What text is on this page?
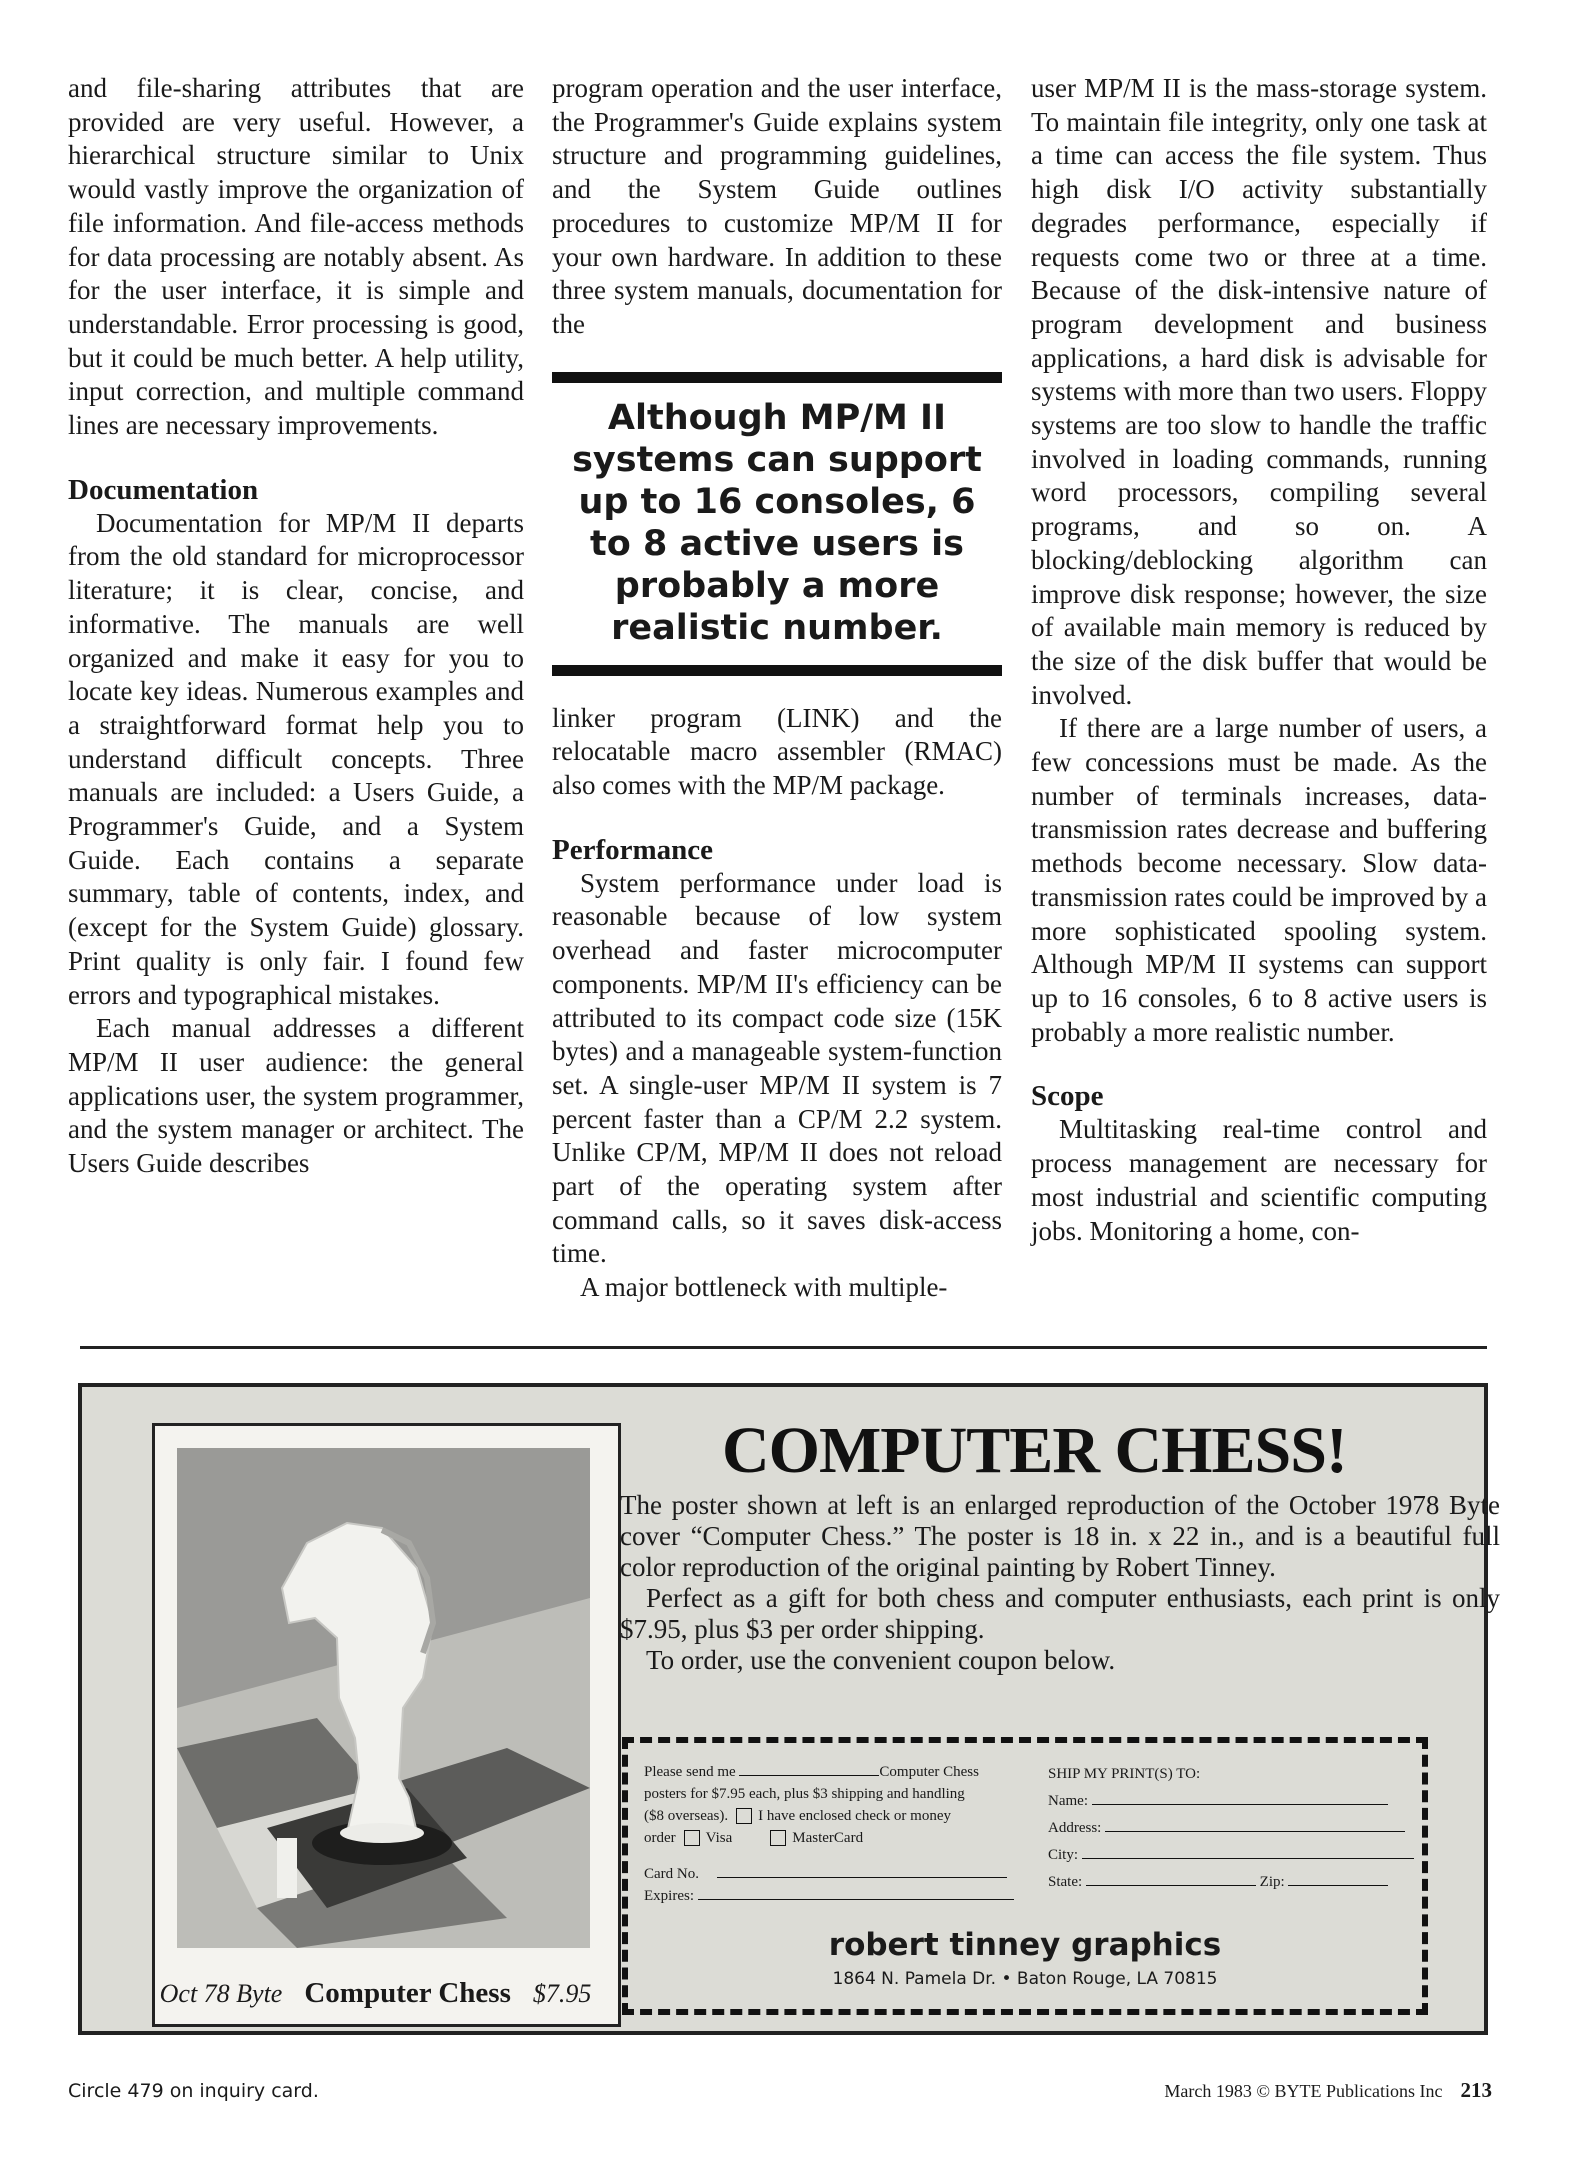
and file-sharing attributes that are provided are very useful. However, a hierarchical structure similar to Unix would vastly improve the organization of file information. And file-access methods for data processing are notably absent. As for the user interface, it is simple and understandable. Error processing is good, but it could be much better. A help utility, input correction, and multiple command lines are necessary improvements.

Documentation

Documentation for MP/M II departs from the old standard for microprocessor literature; it is clear, concise, and informative. The manuals are well organized and make it easy for you to locate key ideas. Numerous examples and a straightforward format help you to understand difficult concepts. Three manuals are included: a Users Guide, a Programmer's Guide, and a System Guide. Each contains a separate summary, table of contents, index, and (except for the System Guide) glossary. Print quality is only fair. I found few errors and typographical mistakes.

Each manual addresses a different MP/M II user audience: the general applications user, the system programmer, and the system manager or architect. The Users Guide describes

program operation and the user interface, the Programmer's Guide explains system structure and programming guidelines, and the System Guide outlines procedures to customize MP/M II for your own hardware. In addition to these three system manuals, documentation for the

Although MP/M II systems can support up to 16 consoles, 6 to 8 active users is probably a more realistic number.

linker program (LINK) and the relocatable macro assembler (RMAC) also comes with the MP/M package.

Performance

System performance under load is reasonable because of low system overhead and faster microcomputer components. MP/M II's efficiency can be attributed to its compact code size (15K bytes) and a manageable system-function set. A single-user MP/M II system is 7 percent faster than a CP/M 2.2 system. Unlike CP/M, MP/M II does not reload part of the operating system after command calls, so it saves disk-access time.

A major bottleneck with multiple-

user MP/M II is the mass-storage system. To maintain file integrity, only one task at a time can access the file system. Thus high disk I/O activity substantially degrades performance, especially if requests come two or three at a time. Because of the disk-intensive nature of program development and business applications, a hard disk is advisable for systems with more than two users. Floppy systems are too slow to handle the traffic involved in loading commands, running word processors, compiling several programs, and so on. A blocking/deblocking algorithm can improve disk response; however, the size of available main memory is reduced by the size of the disk buffer that would be involved.

If there are a large number of users, a few concessions must be made. As the number of terminals increases, data-transmission rates decrease and buffering methods become necessary. Slow data-transmission rates could be improved by a more sophisticated spooling system. Although MP/M II systems can support up to 16 consoles, 6 to 8 active users is probably a more realistic number.

Scope

Multitasking real-time control and process management are necessary for most industrial and scientific computing jobs. Monitoring a home, con-

Oct 78 Byte Computer Chess $7.95
COMPUTER CHESS!

The poster shown at left is an enlarged reproduction of the October 1978 Byte cover “Computer Chess.” The poster is 18 in. x 22 in., and is a beautiful full color reproduction of the original painting by Robert Tinney.

Perfect as a gift for both chess and computer enthusiasts, each print is only $7.95, plus $3 per order shipping.

To order, use the convenient coupon below.

Please send me	Computer Chess
posters for $7.95 each, plus $3 shipping and handling
($8 overseas). I have enclosed check or money
order Visa	MasterCard
Card No.
Expires:
SHIP MY PRINT(S) TO:
Name:
Address:
City:
State:	Zip:
robert tinney graphics
1864 N. Pamela Dr. • Baton Rouge, LA 70815
Circle 479 on inquiry card.	March 1983 © BYTE Publications Inc 213
